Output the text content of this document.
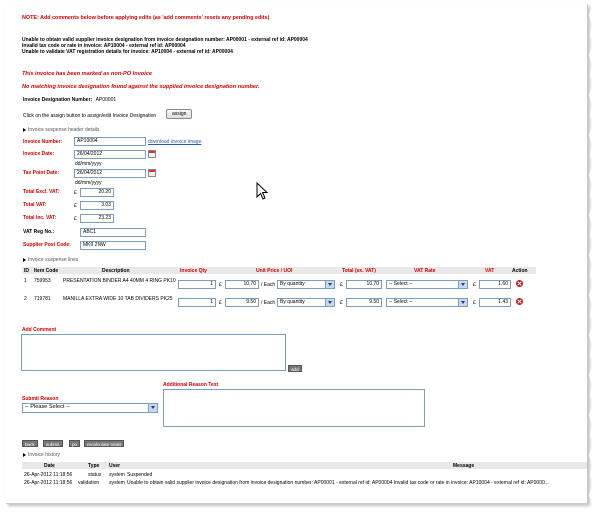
NOTE: Add comments below before applying edits (as 'add comments' resets any pending edits)
Unable to obtain valid supplier invoice designation from invoice designation number: AP00001 - external ref id: AP00004
Invalid tax code or rate in invoice: AP10004 - external ref id: AP00004
Unable to validate VAT registration details for invoice: AP10004 - external ref id: AP00004
This invoice has been marked as non-PO Invoice
No matching invoice designation found against the supplied invoice designation number.
Invoice Designation Number: AP00001
Click on the assign button to assign/edit Invoice Designation	assign
Invoice suspense header details
Invoice Number:	AP10004	download invoice image
Invoice Date:	26/04/2012
dd/mm/yyyy
Tax Point Date:	26/04/2012
dd/mm/yyyy
Total Excl. VAT:	£	20.20
Total VAT:	£	3.03
Total Inc. VAT:	£	23.23
VAT Reg No.:	ABC1
Supplier Post Code:	MK9 2NW
Invoice suspense lines
ID Item Code	Description	Invoice Qty	Unit Price / UOI	Total (ex. VAT)	VAT Rate	VAT	Action
1 759953 PRESENTATION BINDER A4 40MM 4 RING PK10	1	£	10.70	/ Each By quantity	£	10.70	-- Select --	£	1.60
2 719781 MANILLA EXTRA WIDE 10 TAB DIVIDERS PK25	1	£	9.50	/ Each By quantity	£	9.50	-- Select --	£	1.43
Add Comment
add
Additional Reason Text
Submit Reason
-- Please Select --
back	submit	po	recalculate totals
Invoice history
Date	Type User	Message
26-Apr-2012 11:18:56	status system Suspended
26-Apr-2012 11:18:56 validation system Unable to obtain valid supplier invoice designation from invoice designation number: AP00001 - external ref id: AP00004 Invalid tax code or rate in invoice: AP10004 - external ref id: AP0000...
